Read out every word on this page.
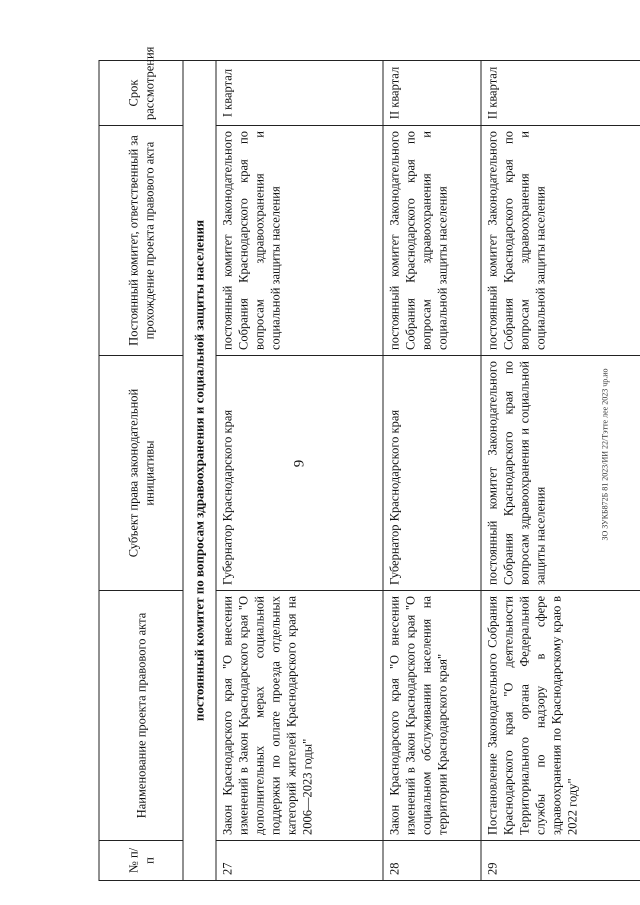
9
№ п/п	Наименование проекта правового акта	Субъект права законодательной инициативы	Постоянный комитет, ответственный за прохождение проекта правового акта	Срок рассмотрения
постоянный комитет по вопросам здравоохранения и социальной защиты населения				
27	Закон Краснодарского края "О внесении изменений в Закон Краснодарского края "О дополнительных мерах социальной поддержки по оплате проезда отдельных категорий жителей Краснодарского края на 2006—2023 годы"	Губернатор Краснодарского края	постоянный комитет Законодательного Собрания Краснодарского края по вопросам здравоохранения и социальной защиты населения	I квартал
28	Закон Краснодарского края "О внесении изменений в Закон Краснодарского края "О социальном обслуживании населения на территории Краснодарского края"	Губернатор Краснодарского края	постоянный комитет Законодательного Собрания Краснодарского края по вопросам здравоохранения и социальной защиты населения	II квартал
29	Постановление Законодательного Собрания Краснодарского края "О деятельности Территориального органа Федеральной службы по надзору в сфере здравоохранения по Краснодарскому краю в 2022 году"	постоянный комитет Законодательного Собрания Краснодарского края по вопросам здравоохранения и социальной защиты населения	постоянный комитет Законодательного Собрания Краснодарского края по вопросам здравоохранения и социальной защиты населения	II квартал
ЗО ЗУКБ872Б 81 2023/ИИ 22/Тэтте лее 2023 чр.ио
